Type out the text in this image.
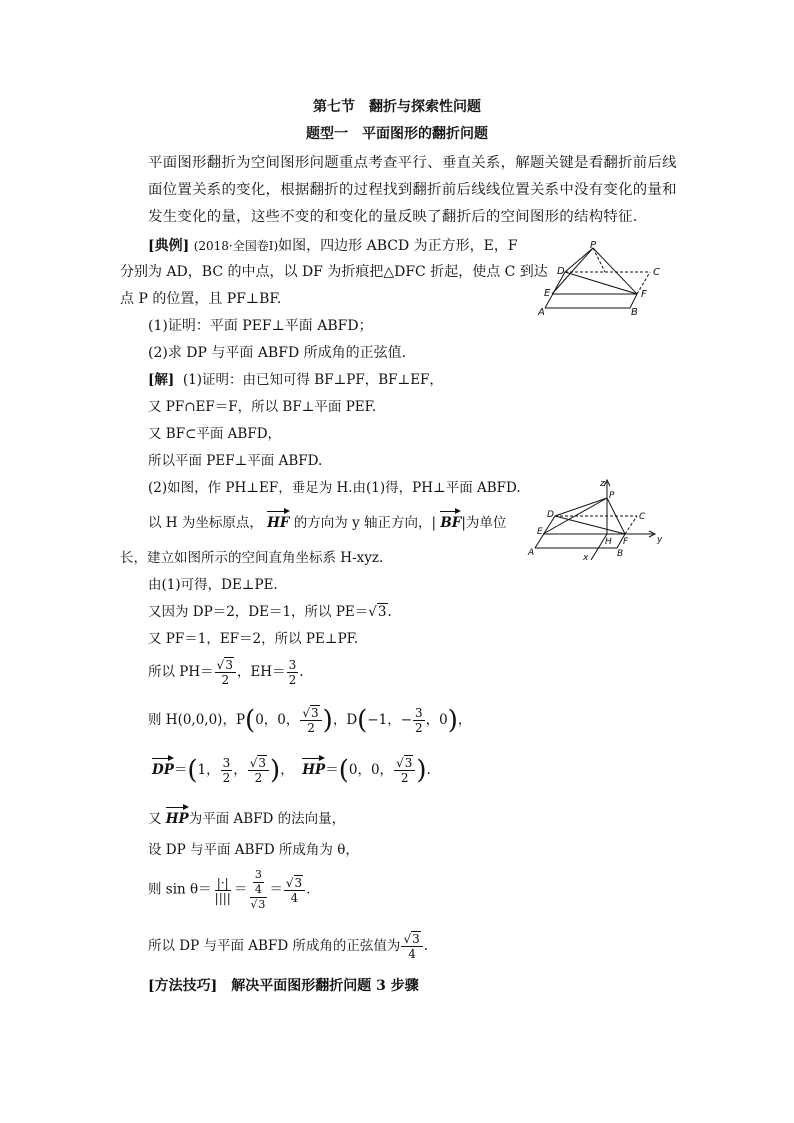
第七节　翻折与探索性问题
题型一　平面图形的翻折问题
平面图形翻折为空间图形问题重点考查平行、垂直关系，解题关键是看翻折前后线面位置关系的变化，根据翻折的过程找到翻折前后线线位置关系中没有变化的量和发生变化的量，这些不变的和变化的量反映了翻折后的空间图形的结构特征.
[典例] (2018·全国卷Ⅰ)如图，四边形 ABCD 为正方形，E，F
分别为 AD，BC 的中点，以 DF 为折痕把△DFC 折起，使点 C 到达
点 P 的位置，且 PF⊥BF.
(1)证明：平面 PEF⊥平面 ABFD；
(2)求 DP 与平面 ABFD 所成角的正弦值.
P
D	C
E	F
A	B
[解] (1)证明：由已知可得 BF⊥PF，BF⊥EF，
又 PF∩EF＝F，所以 BF⊥平面 PEF.
又 BF⊂平面 ABFD，
所以平面 PEF⊥平面 ABFD.
(2)如图，作 PH⊥EF，垂足为 H.由(1)得，PH⊥平面 ABFD.
以 H 为坐标原点， HF 的方向为 y 轴正方向，| BF|为单位
长，建立如图所示的空间直角坐标系 H-xyz.
z
P
D	C
E
H F
A	B
x
y
由(1)可得，DE⊥PE.
又因为 DP＝2，DE＝1，所以 PE＝√3.
又 PF＝1，EF＝2，所以 PE⊥PF.
所以 $PH= \frac{√3}{2}$ ，$EH= \frac{3}{2}$ .
则 H(0,0,0)，P(0，0， $\frac{√3}{2}$ )，D(−1，− $\frac{3}{2}$ ，0)，
DP＝(1， $\frac{3}{2}$ ， $\frac{√3}{2}$ )， HP＝(0，0， $\frac{√3}{2}$ ).
又 HP为平面 ABFD 的法向量，
设 DP 与平面 ABFD 所成角为 θ，
则 $\sin \theta= \frac{|\cdot|}{||||} = \frac{\frac{3}{4}}{√3} = \frac{√3}{4}$ .
所以 DP 与平面 ABFD 所成角的正弦值为 $\frac{√3}{4}$ .
[方法技巧]　解决平面图形翻折问题 3 步骤
